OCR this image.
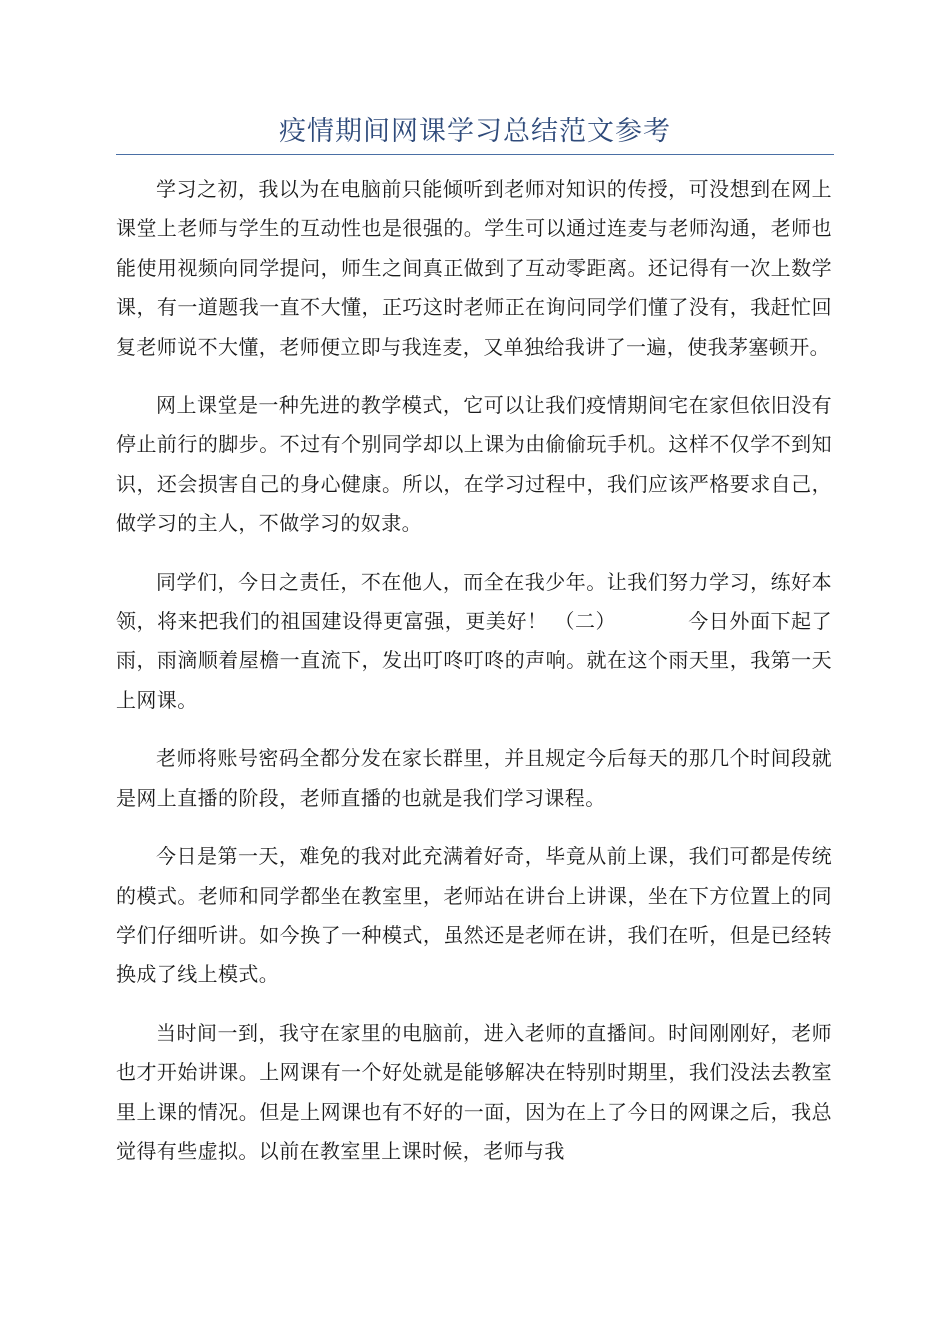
疫情期间网课学习总结范文参考

学习之初，我以为在电脑前只能倾听到老师对知识的传授，可没想到在网上课堂上老师与学生的互动性也是很强的。学生可以通过连麦与老师沟通，老师也能使用视频向同学提问，师生之间真正做到了互动零距离。还记得有一次上数学课，有一道题我一直不大懂，正巧这时老师正在询问同学们懂了没有，我赶忙回复老师说不大懂，老师便立即与我连麦，又单独给我讲了一遍，使我茅塞顿开。

网上课堂是一种先进的教学模式，它可以让我们疫情期间宅在家但依旧没有停止前行的脚步。不过有个别同学却以上课为由偷偷玩手机。这样不仅学不到知识，还会损害自己的身心健康。所以，在学习过程中，我们应该严格要求自己，做学习的主人，不做学习的奴隶。

同学们，今日之责任，不在他人，而全在我少年。让我们努力学习，练好本领，将来把我们的祖国建设得更富强，更美好！ （二）　　　　今日外面下起了雨，雨滴顺着屋檐一直流下，发出叮咚叮咚的声响。就在这个雨天里，我第一天上网课。

老师将账号密码全都分发在家长群里，并且规定今后每天的那几个时间段就是网上直播的阶段，老师直播的也就是我们学习课程。

今日是第一天，难免的我对此充满着好奇，毕竟从前上课，我们可都是传统的模式。老师和同学都坐在教室里，老师站在讲台上讲课，坐在下方位置上的同学们仔细听讲。如今换了一种模式，虽然还是老师在讲，我们在听，但是已经转换成了线上模式。

当时间一到，我守在家里的电脑前，进入老师的直播间。时间刚刚好，老师也才开始讲课。上网课有一个好处就是能够解决在特别时期里，我们没法去教室里上课的情况。但是上网课也有不好的一面，因为在上了今日的网课之后，我总觉得有些虚拟。以前在教室里上课时候，老师与我
